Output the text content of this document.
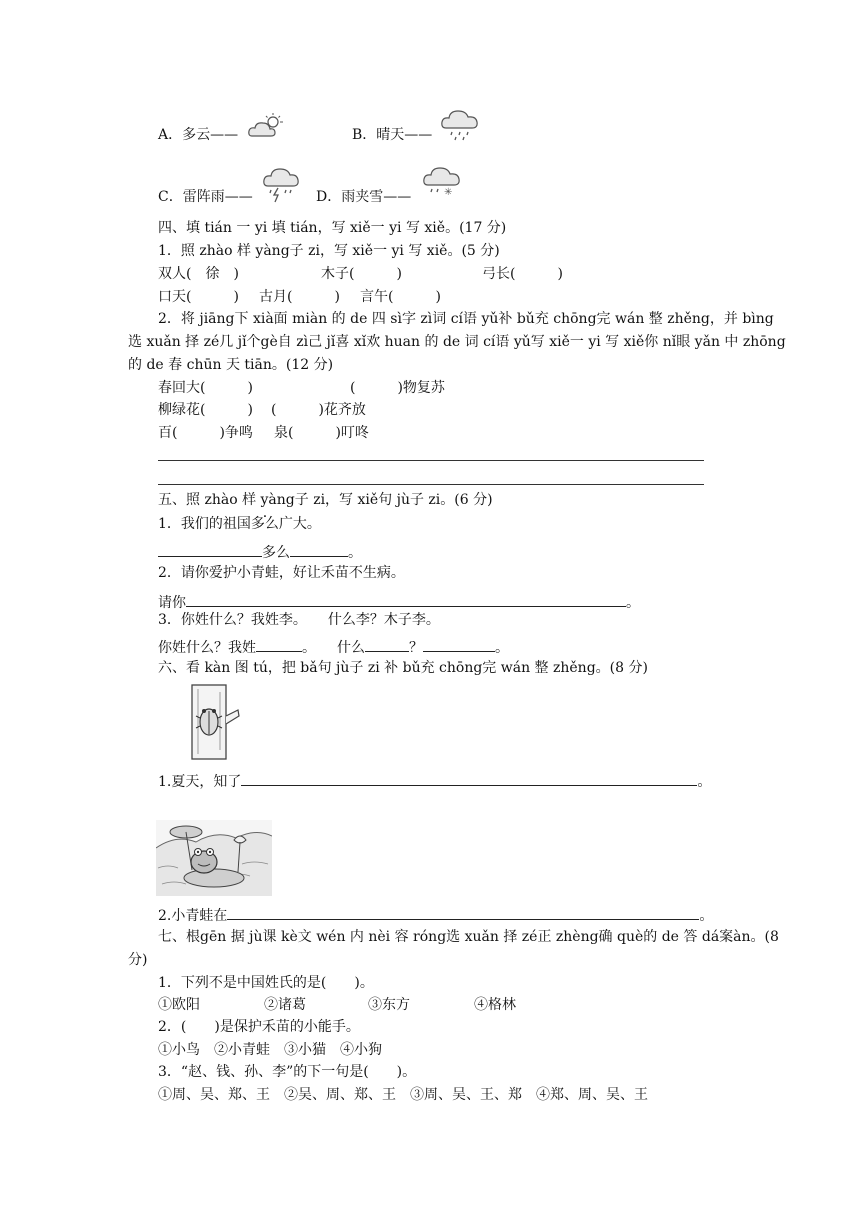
A．多云——	B．晴天——
C．雷阵雨——	D．雨夹雪——	✳
四、填 tián 一 yi 填 tián，写 xiě一 yi 写 xiě。(17 分)
1．照 zhào 样 yàng子 zi，写 xiě一 yi 写 xiě。(5 分)
双人(　徐　)	木子(　　　)	弓长(　　　)
口天(　　　) 古月(　　　) 言午(　　　)
2．将 jiāng下 xià面 miàn 的 de 四 sì字 zì词 cí语 yǔ补 bǔ充 chōng完 wán 整 zhěng，并 bìng
选 xuǎn 择 zé几 jǐ个gè自 zì己 jǐ喜 xǐ欢 huan 的 de 词 cí语 yǔ写 xiě一 yi 写 xiě你 nǐ眼 yǎn 中 zhōng
的 de 春 chūn 天 tiān。(12 分)
春回大(　　　)	(　　　)物复苏
柳绿花(　　　) (　　　)花齐放
百(　　　)争鸣 泉(　　　)叮咚
五、照 zhào 样 yàng子 zi，写 xiě句 jù子 zi。(6 分)
1．我们的祖国多么广大。
多么	。
2．请你爱护小青蛙，好让禾苗不生病。
请你	。
3．你姓什么？我姓李。　　什么李？木子李。
你姓什么？我姓	。　　什么	？	。
六、看 kàn 图 tú，把 bǎ句 jù子 zi 补 bǔ充 chōng完 wán 整 zhěng。(8 分)
1.夏天，知了	。
2.小青蛙在	。
七、根gēn 据 jù课 kè文 wén 内 nèi 容 róng选 xuǎn 择 zé正 zhèng确 què的 de 答 dá案àn。(8
分)
1．下列不是中国姓氏的是(　　)。
①欧阳	②诸葛	③东方	④格林
2．(　　)是保护禾苗的小能手。
①小鸟　②小青蛙　③小猫　④小狗
3．“赵、钱、孙、李”的下一句是(　　)。
①周、吴、郑、王　②吴、周、郑、王　③周、吴、王、郑　④郑、周、吴、王
